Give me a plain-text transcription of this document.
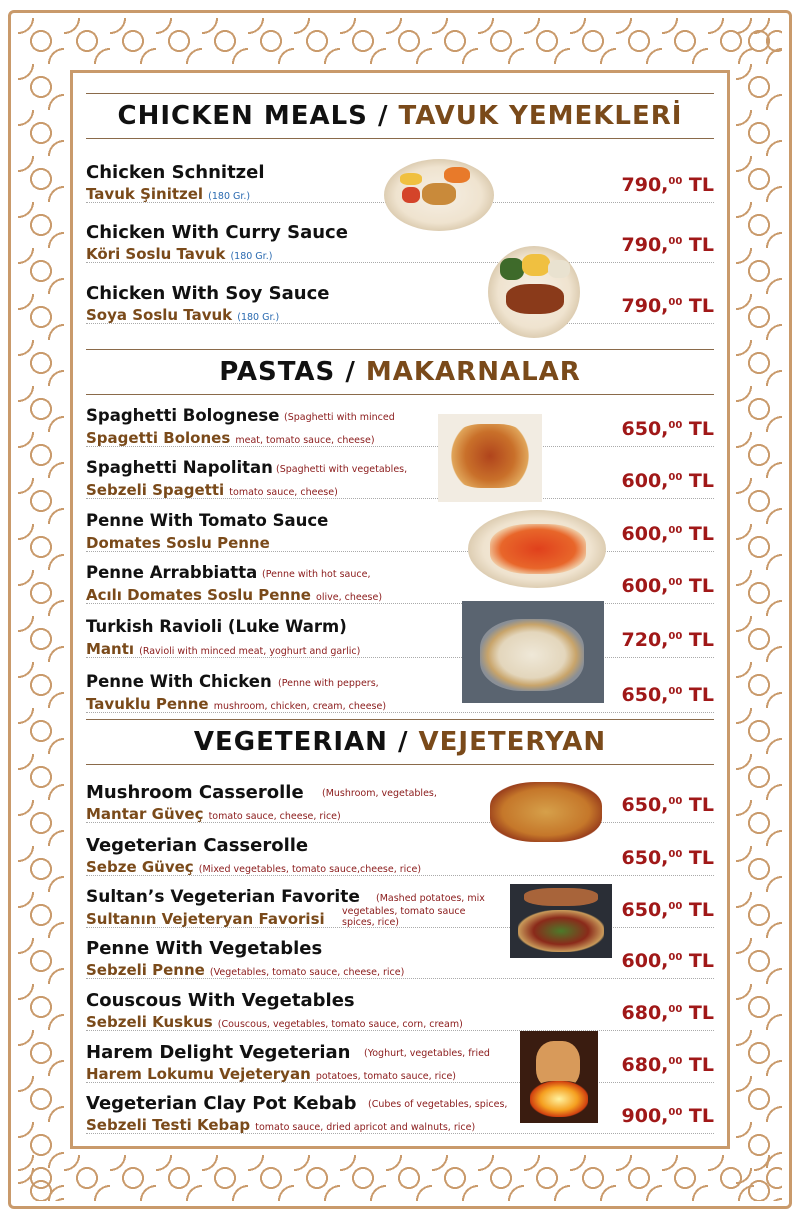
CHICKEN MEALS / TAVUK YEMEKLERİ
Chicken Schnitzel
Tavuk Şinitzel (180 Gr.)
790,00 TL
Chicken With Curry Sauce
Köri Soslu Tavuk (180 Gr.)
790,00 TL
Chicken With Soy Sauce
Soya Soslu Tavuk (180 Gr.)
790,00 TL
PASTAS / MAKARNALAR
Spaghetti Bolognese (Spaghetti with minced
Spagetti Bolones meat, tomato sauce, cheese)
650,00 TL
Spaghetti Napolitan (Spaghetti with vegetables,
Sebzeli Spagetti tomato sauce, cheese)
600,00 TL
Penne With Tomato Sauce
Domates Soslu Penne	600,00 TL
Penne Arrabbiatta (Penne with hot sauce,
Acılı Domates Soslu Penne olive, cheese)
600,00 TL
Turkish Ravioli (Luke Warm)
Mantı (Ravioli with minced meat, yoghurt and garlic)
720,00 TL
Penne With Chicken (Penne with peppers,
Tavuklu Penne mushroom, chicken, cream, cheese)
650,00 TL
VEGETERIAN / VEJETERYAN
Mushroom Casserolle (Mushroom, vegetables,
Mantar Güveç tomato sauce, cheese, rice)
650,00 TL
Vegeterian Casserolle
Sebze Güveç (Mixed vegetables, tomato sauce,cheese, rice)
650,00 TL
Sultan’s Vegeterian Favorite (Mashed potatoes, mix
Sultanın Vejeteryan Favorisi vegetables, tomato sauce
spices, rice)
650,00 TL
Penne With Vegetables
Sebzeli Penne (Vegetables, tomato sauce, cheese, rice)
600,00 TL
Couscous With Vegetables
Sebzeli Kuskus (Couscous, vegetables, tomato sauce, corn, cream)
680,00 TL
Harem Delight Vegeterian (Yoghurt, vegetables, fried
Harem Lokumu Vejeteryan potatoes, tomato sauce, rice)
680,00 TL
Vegeterian Clay Pot Kebab (Cubes of vegetables, spices,
Sebzeli Testi Kebap tomato sauce, dried apricot and walnuts, rice)
900,00 TL
